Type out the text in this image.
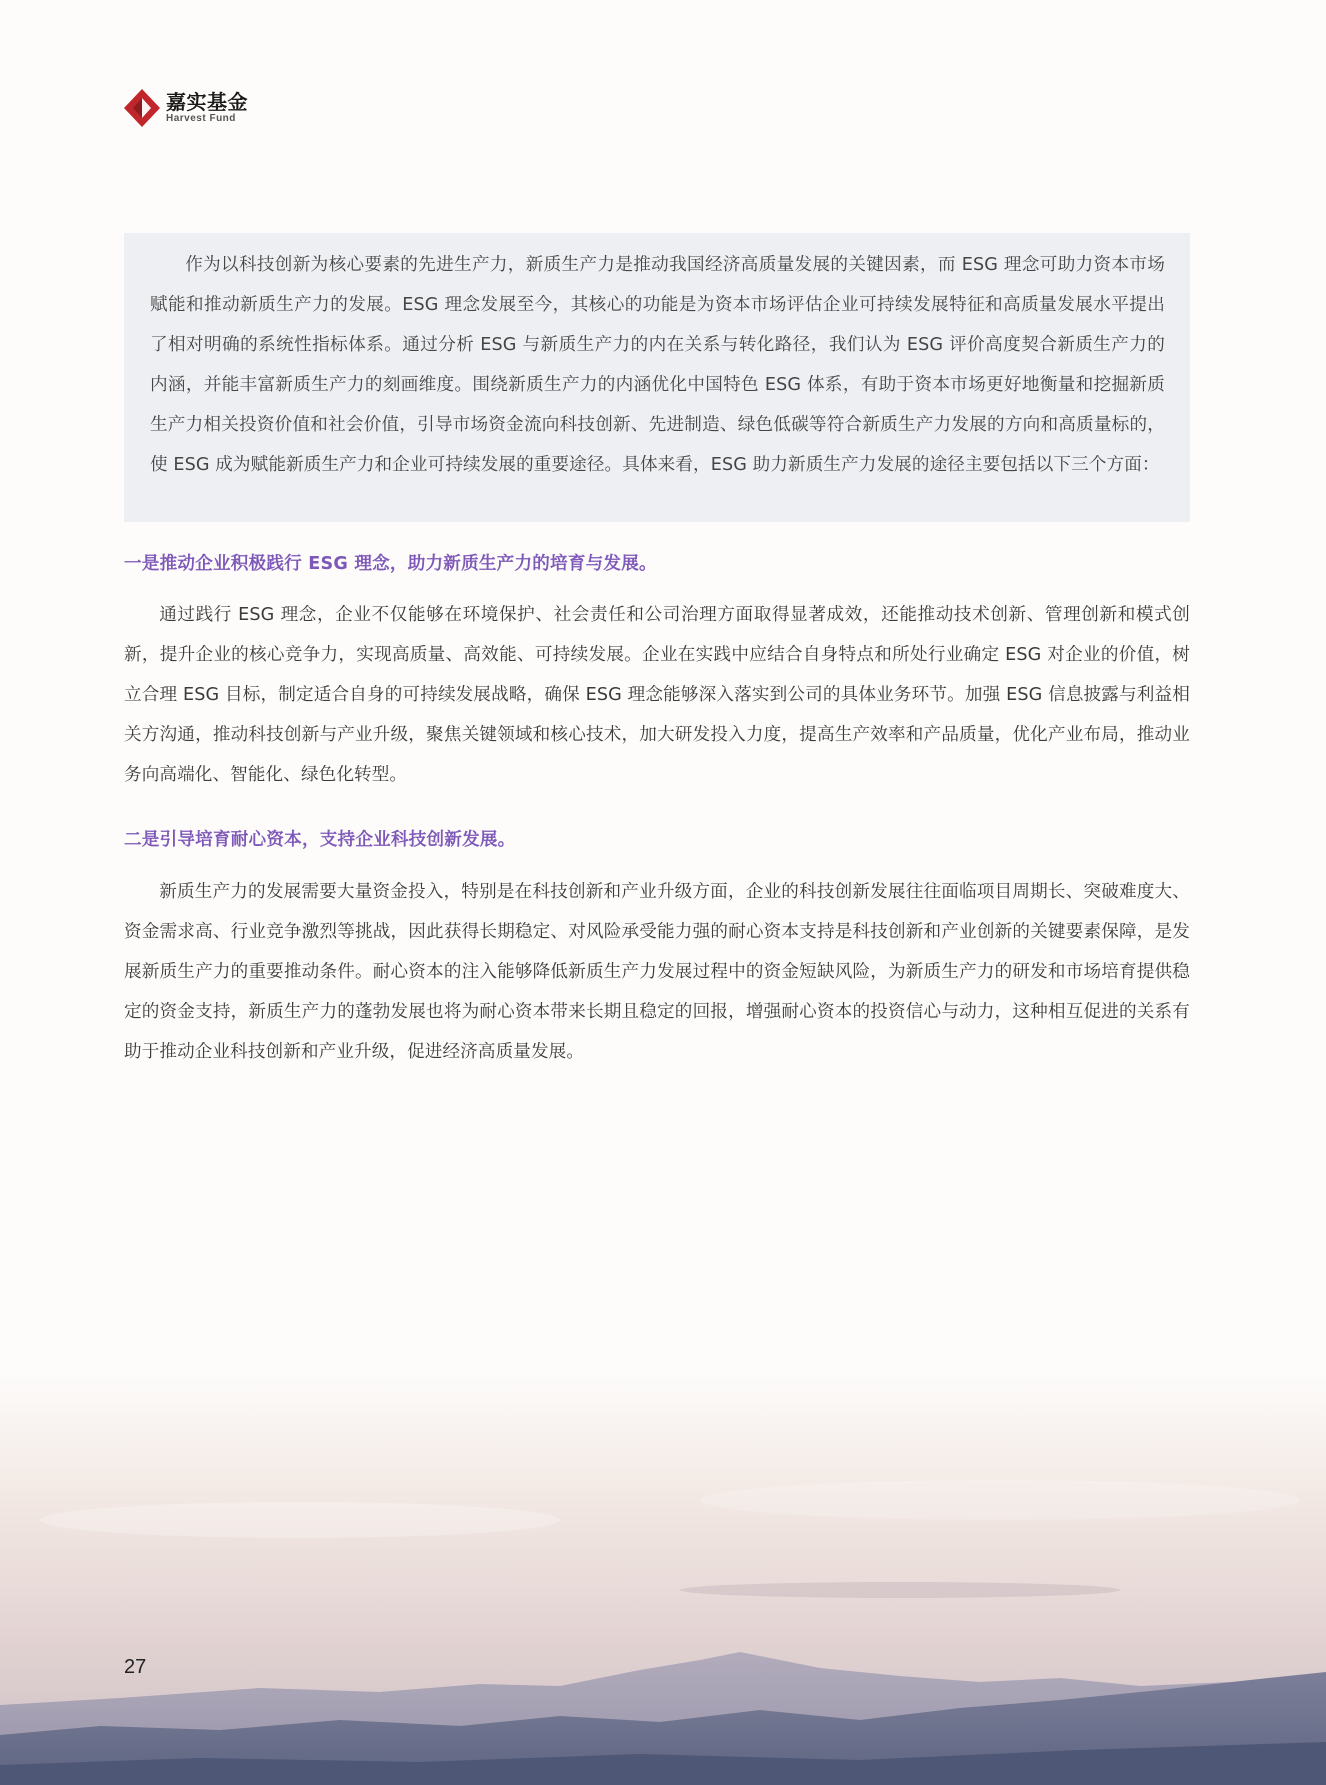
嘉实基金
Harvest Fund

作为以科技创新为核心要素的先进生产力，新质生产力是推动我国经济高质量发展的关键因素，而 ESG 理念可助力资本市场赋能和推动新质生产力的发展。ESG 理念发展至今，其核心的功能是为资本市场评估企业可持续发展特征和高质量发展水平提出了相对明确的系统性指标体系。通过分析 ESG 与新质生产力的内在关系与转化路径，我们认为 ESG 评价高度契合新质生产力的内涵，并能丰富新质生产力的刻画维度。围绕新质生产力的内涵优化中国特色 ESG 体系，有助于资本市场更好地衡量和挖掘新质生产力相关投资价值和社会价值，引导市场资金流向科技创新、先进制造、绿色低碳等符合新质生产力发展的方向和高质量标的，使 ESG 成为赋能新质生产力和企业可持续发展的重要途径。具体来看，ESG 助力新质生产力发展的途径主要包括以下三个方面：

一是推动企业积极践行 ESG 理念，助力新质生产力的培育与发展。

通过践行 ESG 理念，企业不仅能够在环境保护、社会责任和公司治理方面取得显著成效，还能推动技术创新、管理创新和模式创新，提升企业的核心竞争力，实现高质量、高效能、可持续发展。企业在实践中应结合自身特点和所处行业确定 ESG 对企业的价值，树立合理 ESG 目标，制定适合自身的可持续发展战略，确保 ESG 理念能够深入落实到公司的具体业务环节。加强 ESG 信息披露与利益相关方沟通，推动科技创新与产业升级，聚焦关键领域和核心技术，加大研发投入力度，提高生产效率和产品质量，优化产业布局，推动业务向高端化、智能化、绿色化转型。

二是引导培育耐心资本，支持企业科技创新发展。

新质生产力的发展需要大量资金投入，特别是在科技创新和产业升级方面，企业的科技创新发展往往面临项目周期长、突破难度大、资金需求高、行业竞争激烈等挑战，因此获得长期稳定、对风险承受能力强的耐心资本支持是科技创新和产业创新的关键要素保障，是发展新质生产力的重要推动条件。耐心资本的注入能够降低新质生产力发展过程中的资金短缺风险，为新质生产力的研发和市场培育提供稳定的资金支持，新质生产力的蓬勃发展也将为耐心资本带来长期且稳定的回报，增强耐心资本的投资信心与动力，这种相互促进的关系有助于推动企业科技创新和产业升级，促进经济高质量发展。

27
